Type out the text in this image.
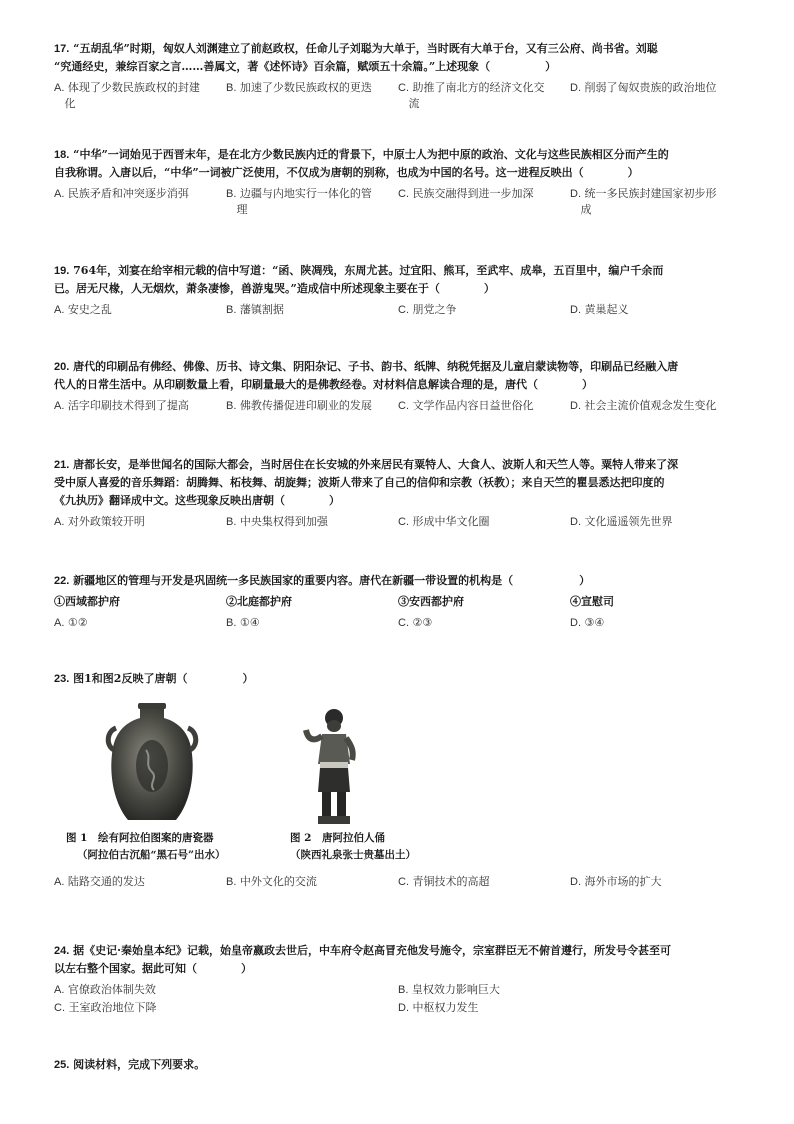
17. “五胡乱华”时期，匈奴人刘渊建立了前赵政权，任命儿子刘聪为大单于，当时既有大单于台，又有三公府、尚书省。刘聪
“究通经史，兼综百家之言……善属文，著《述怀诗》百余篇，赋颂五十余篇。”上述现象（　　　　　）

A. 体现了少数民族政权的封建
化
B. 加速了少数民族政权的更迭	C. 助推了南北方的经济文化交
流
D. 削弱了匈奴贵族的政治地位

18. “中华”一词始见于西晋末年，是在北方少数民族内迁的背景下，中原士人为把中原的政治、文化与这些民族相区分而产生的
自我称谓。入唐以后，“中华”一词被广泛使用，不仅成为唐朝的别称，也成为中国的名号。这一进程反映出（　　　　）

A. 民族矛盾和冲突逐步消弭	B. 边疆与内地实行一体化的管
理
C. 民族交融得到进一步加深	D. 统一多民族封建国家初步形
成

19. 764年，刘宴在给宰相元载的信中写道：“函、陕凋残，东周尤甚。过宜阳、熊耳，至武牢、成皋，五百里中，编户千余而
已。居无尺椽，人无烟炊，萧条凄惨，兽游鬼哭。”造成信中所述现象主要在于（　　　　）

A. 安史之乱	B. 藩镇割据	C. 朋党之争	D. 黄巢起义

20. 唐代的印刷品有佛经、佛像、历书、诗文集、阴阳杂记、子书、韵书、纸牌、纳税凭据及儿童启蒙读物等，印刷品已经融入唐
代人的日常生活中。从印刷数量上看，印刷量最大的是佛教经卷。对材料信息解读合理的是，唐代（　　　　）

A. 活字印刷技术得到了提高	B. 佛教传播促进印刷业的发展	C. 文学作品内容日益世俗化	D. 社会主流价值观念发生变化

21. 唐都长安，是举世闻名的国际大都会，当时居住在长安城的外来居民有粟特人、大食人、波斯人和天竺人等。粟特人带来了深
受中原人喜爱的音乐舞蹈：胡腾舞、柘枝舞、胡旋舞；波斯人带来了自己的信仰和宗教（袄教）；来自天竺的瞿昙悉达把印度的
《九执历》翻译成中文。这些现象反映出唐朝（　　　　）

A. 对外政策较开明	B. 中央集权得到加强	C. 形成中华文化圈	D. 文化遥遥领先世界

22. 新疆地区的管理与开发是巩固统一多民族国家的重要内容。唐代在新疆一带设置的机构是（　　　　　　）

①西域都护府	②北庭都护府	③安西都护府	④宣慰司
A. ①②	B. ①④	C. ②③	D. ③④

23. 图1和图2反映了唐朝（　　　　　）

图 1　绘有阿拉伯图案的唐瓷器
（阿拉伯古沉船“黑石号”出水）
图 2　唐阿拉伯人俑
（陕西礼泉张士贵墓出土）
A. 陆路交通的发达	B. 中外文化的交流	C. 青铜技术的高超	D. 海外市场的扩大

24. 据《史记·秦始皇本纪》记载，始皇帝嬴政去世后，中车府令赵高冒充他发号施令，宗室群臣无不俯首遵行，所发号令甚至可
以左右整个国家。据此可知（　　　　）

A. 官僚政治体制失效	B. 皇权效力影响巨大
C. 王室政治地位下降	D. 中枢权力发生

25. 阅读材料，完成下列要求。
